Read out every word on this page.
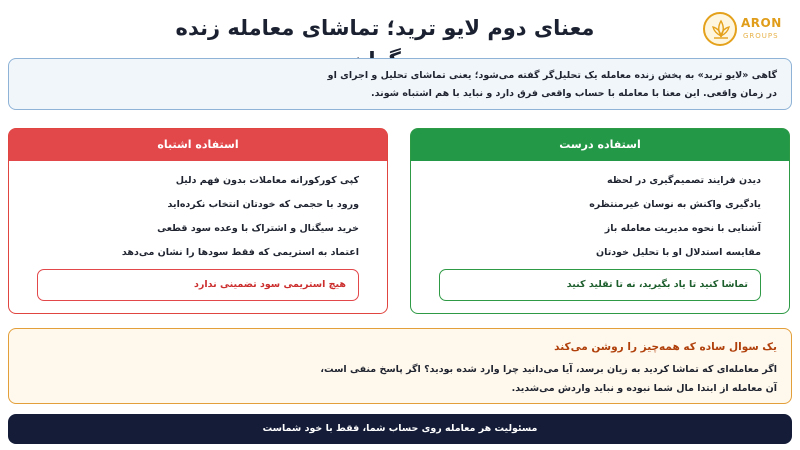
معنای دوم لایو ترید؛ تماشای معامله زنده	ARON
GROUPS
گاهی «لایو ترید» به پخش زنده معامله یک تحلیل‌گر گفته می‌شود؛ یعنی تماشای تحلیل و اجرای او
در زمان واقعی. این معنا با معامله با حساب واقعی فرق دارد و نباید با هم اشتباه شوند.
استفاده درست
دیدن فرایند تصمیم‌گیری در لحظه
یادگیری واکنش به نوسان غیرمنتظره
آشنایی با نحوه مدیریت معامله باز
مقایسه استدلال او با تحلیل خودتان
تماشا کنید تا یاد بگیرید، نه تا تقلید کنید
استفاده اشتباه
کپی کورکورانه معاملات بدون فهم دلیل
ورود با حجمی که خودتان انتخاب نکرده‌اید
خرید سیگنال و اشتراک با وعده سود قطعی
اعتماد به استریمی که فقط سودها را نشان می‌دهد
هیچ استریمی سود تضمینی ندارد
یک سوال ساده که همه‌چیز را روشن می‌کند
اگر معامله‌ای که تماشا کردید به زیان برسد، آیا می‌دانید چرا وارد شده بودید؟ اگر پاسخ منفی است،
آن معامله از ابتدا مال شما نبوده و نباید واردش می‌شدید.
مسئولیت هر معامله روی حساب شما، فقط با خود شماست
